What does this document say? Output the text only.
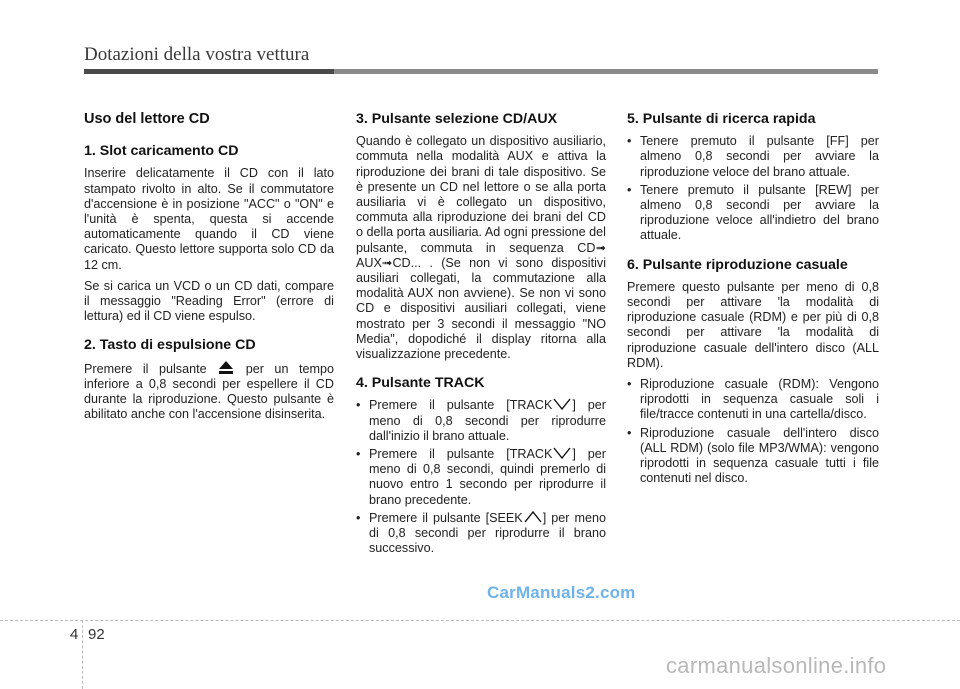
Dotazioni della vostra vettura
Uso del lettore CD
1. Slot caricamento CD

Inserire delicatamente il CD con il lato stampato rivolto in alto. Se il commutatore d'accensione è in posizione "ACC" o "ON" e l'unità è spenta, questa si accende automaticamente quando il CD viene caricato. Questo lettore supporta solo CD da 12 cm.

Se si carica un VCD o un CD dati, compare il messaggio "Reading Error" (errore di lettura) ed il CD viene espulso.

2. Tasto di espulsione CD

Premere il pulsante	per un tempo inferiore a 0,8 secondi per espellere il CD durante la riproduzione. Questo pulsante è abilitato anche con l'accensione disinserita.

3. Pulsante selezione CD/AUX

Quando è collegato un dispositivo ausiliario, commuta nella modalità AUX e attiva la riproduzione dei brani di tale dispositivo. Se è presente un CD nel lettore o se alla porta ausiliaria vi è collegato un dispositivo, commuta alla riproduzione dei brani del CD o della porta ausiliaria. Ad ogni pressione del pulsante, commuta in sequenza CD➟ AUX➟CD... . (Se non vi sono dispositivi ausiliari collegati, la commutazione alla modalità AUX non avviene). Se non vi sono CD e dispositivi ausiliari collegati, viene mostrato per 3 secondi il messaggio "NO Media", dopodiché il display ritorna alla visualizzazione precedente.

4. Pulsante TRACK
• Premere il pulsante [TRACK ] per meno di 0,8 secondi per riprodurre dall'inizio il brano attuale.
• Premere il pulsante [TRACK ] per meno di 0,8 secondi, quindi premerlo di nuovo entro 1 secondo per riprodurre il brano precedente.
• Premere il pulsante [SEEK ] per meno di 0,8 secondi per riprodurre il brano successivo.
5. Pulsante di ricerca rapida
• Tenere premuto il pulsante [FF] per almeno 0,8 secondi per avviare la riproduzione veloce del brano attuale.
• Tenere premuto il pulsante [REW] per almeno 0,8 secondi per avviare la riproduzione veloce all'indietro del brano attuale.
6. Pulsante riproduzione casuale

Premere questo pulsante per meno di 0,8 secondi per attivare 'la modalità di riproduzione casuale (RDM) e per più di 0,8 secondi per attivare 'la modalità di riproduzione casuale dell'intero disco (ALL RDM).

• Riproduzione casuale (RDM): Vengono riprodotti in sequenza casuale soli i file/tracce contenuti in una cartella/disco.
• Riproduzione casuale dell'intero disco (ALL RDM) (solo file MP3/WMA): vengono riprodotti in sequenza casuale tutti i file contenuti nel disco.
CarManuals2.com
4 92
carmanualsonline.info
